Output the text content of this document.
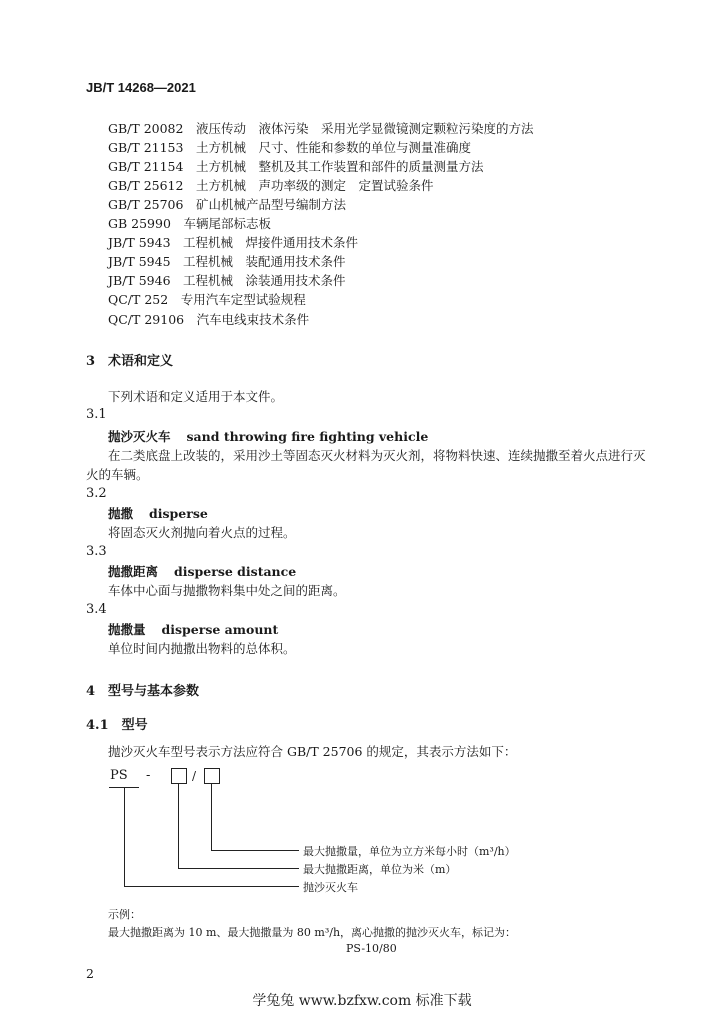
JB/T 14268—2021
GB/T 20082　 液压传动　液体污染　采用光学显微镜测定颗粒污染度的方法
GB/T 21153　 土方机械　尺寸、性能和参数的单位与测量准确度
GB/T 21154　 土方机械　整机及其工作装置和部件的质量测量方法
GB/T 25612　 土方机械　声功率级的测定　定置试验条件
GB/T 25706　 矿山机械产品型号编制方法
GB 25990　 车辆尾部标志板
JB/T 5943　 工程机械　焊接件通用技术条件
JB/T 5945　 工程机械　装配通用技术条件
JB/T 5946　 工程机械　涂装通用技术条件
QC/T 252　 专用汽车定型试验规程
QC/T 29106　 汽车电线束技术条件
3　术语和定义
下列术语和定义适用于本文件。
3.1
抛沙灭火车 sand throwing fire fighting vehicle
在二类底盘上改装的，采用沙土等固态灭火材料为灭火剂，将物料快速、连续抛撒至着火点进行灭
火的车辆。
3.2
抛撒 disperse
将固态灭火剂抛向着火点的过程。
3.3
抛撒距离 disperse distance
车体中心面与抛撒物料集中处之间的距离。
3.4
抛撒量 disperse amount
单位时间内抛撒出物料的总体积。
4　型号与基本参数
4.1　型号
抛沙灭火车型号表示方法应符合 GB/T 25706 的规定，其表示方法如下：
PS -	/
最大抛撒量，单位为立方米每小时（m³/h）
最大抛撒距离，单位为米（m）
抛沙灭火车
示例：
最大抛撒距离为 10 m、最大抛撒量为 80 m³/h，离心抛撒的抛沙灭火车，标记为：
PS-10/80
2
学兔兔 www.bzfxw.com 标准下载
